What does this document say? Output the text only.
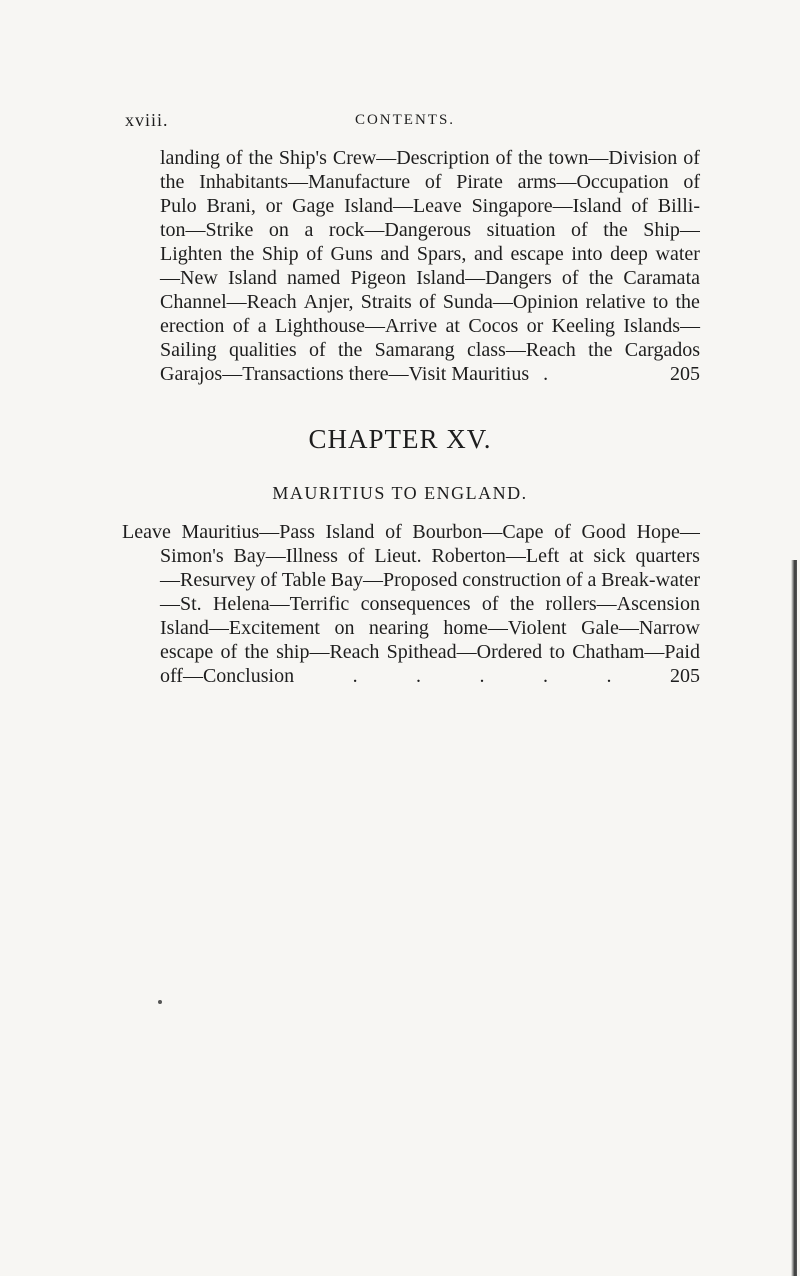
xviii.	CONTENTS.
landing of the Ship's Crew—Description of the town—Division of
the Inhabitants—Manufacture of Pirate arms—Occupation of
Pulo Brani, or Gage Island—Leave Singapore—Island of Billi-
ton—Strike on a rock—Dangerous situation of the Ship—
Lighten the Ship of Guns and Spars, and escape into deep water
—New Island named Pigeon Island—Dangers of the Caramata
Channel—Reach Anjer, Straits of Sunda—Opinion relative to the
erection of a Lighthouse—Arrive at Cocos or Keeling Islands—
Sailing qualities of the Samarang class—Reach the Cargados
Garajos—Transactions there—Visit Mauritius .	205
CHAPTER XV.
MAURITIUS TO ENGLAND.
Leave Mauritius—Pass Island of Bourbon—Cape of Good Hope—
Simon's Bay—Illness of Lieut. Roberton—Left at sick quarters
—Resurvey of Table Bay—Proposed construction of a Break-water
—St. Helena—Terrific consequences of the rollers—Ascension
Island—Excitement on nearing home—Violent Gale—Narrow
escape of the ship—Reach Spithead—Ordered to Chatham—Paid
off—Conclusion	.	.	.	.	.	205
